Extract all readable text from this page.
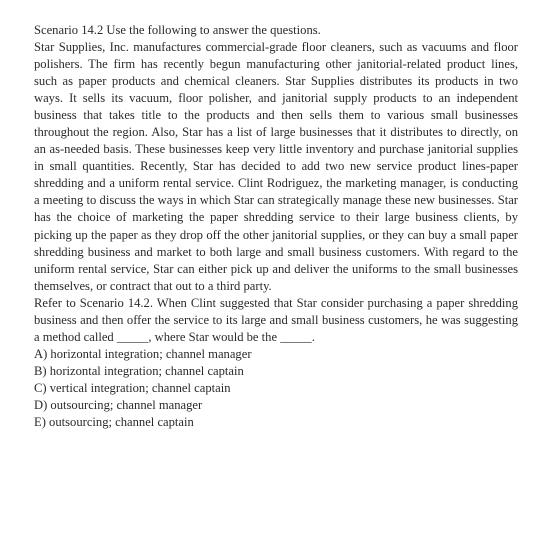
Scenario 14.2 Use the following to answer the questions.

Star Supplies, Inc. manufactures commercial-grade floor cleaners, such as vacuums and floor polishers. The firm has recently begun manufacturing other janitorial-related product lines, such as paper products and chemical cleaners. Star Supplies distributes its products in two ways. It sells its vacuum, floor polisher, and janitorial supply products to an independent business that takes title to the products and then sells them to various small businesses throughout the region. Also, Star has a list of large businesses that it distributes to directly, on an as-needed basis. These businesses keep very little inventory and purchase janitorial supplies in small quantities. Recently, Star has decided to add two new service product lines-paper shredding and a uniform rental service. Clint Rodriguez, the marketing manager, is conducting a meeting to discuss the ways in which Star can strategically manage these new businesses. Star has the choice of marketing the paper shredding service to their large business clients, by picking up the paper as they drop off the other janitorial supplies, or they can buy a small paper shredding business and market to both large and small business customers. With regard to the uniform rental service, Star can either pick up and deliver the uniforms to the small businesses themselves, or contract that out to a third party.

Refer to Scenario 14.2. When Clint suggested that Star consider purchasing a paper shredding business and then offer the service to its large and small business customers, he was suggesting a method called _____, where Star would be the _____.

A) horizontal integration; channel manager
B) horizontal integration; channel captain
C) vertical integration; channel captain
D) outsourcing; channel manager
E) outsourcing; channel captain
